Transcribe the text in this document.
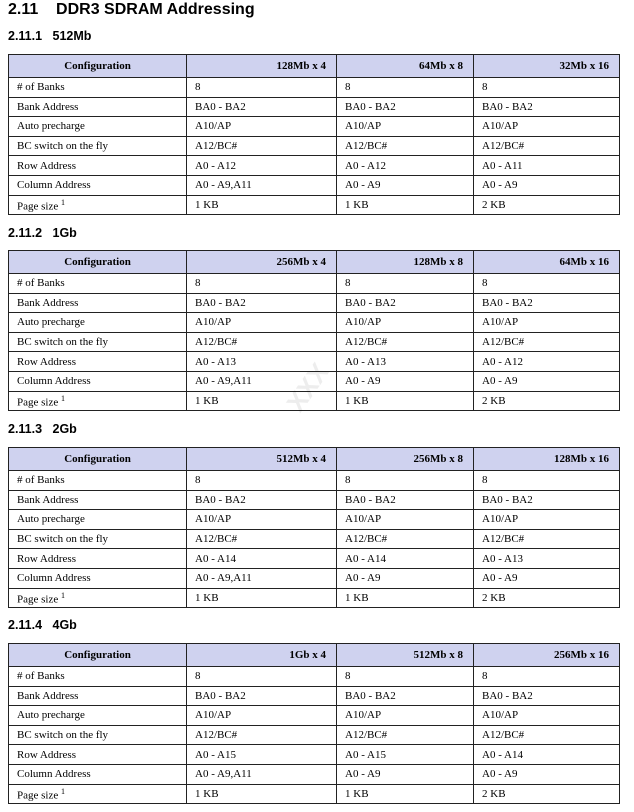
2.11 DDR3 SDRAM Addressing
2.11.1 512Mb
Configuration	128Mb x 4	64Mb x 8	32Mb x 16
# of Banks	8	8	8
Bank Address	BA0 - BA2	BA0 - BA2	BA0 - BA2
Auto precharge	A10/AP	A10/AP	A10/AP
BC switch on the fly	A12/BC#	A12/BC#	A12/BC#
Row Address	A0 - A12	A0 - A12	A0 - A11
Column Address	A0 - A9,A11	A0 - A9	A0 - A9
Page size $^1$	1 KB	1 KB	2 KB
2.11.2 1Gb
Configuration	256Mb x 4	128Mb x 8	64Mb x 16
# of Banks	8	8	8
Bank Address	BA0 - BA2	BA0 - BA2	BA0 - BA2
Auto precharge	A10/AP	A10/AP	A10/AP
BC switch on the fly	A12/BC#	A12/BC#	A12/BC#
Row Address	A0 - A13	A0 - A13	A0 - A12
Column Address	A0 - A9,A11	A0 - A9	A0 - A9
Page size $^1$	1 KB	1 KB	2 KB
2.11.3 2Gb
Configuration	512Mb x 4	256Mb x 8	128Mb x 16
# of Banks	8	8	8
Bank Address	BA0 - BA2	BA0 - BA2	BA0 - BA2
Auto precharge	A10/AP	A10/AP	A10/AP
BC switch on the fly	A12/BC#	A12/BC#	A12/BC#
Row Address	A0 - A14	A0 - A14	A0 - A13
Column Address	A0 - A9,A11	A0 - A9	A0 - A9
Page size $^1$	1 KB	1 KB	2 KB
2.11.4 4Gb
Configuration	1Gb x 4	512Mb x 8	256Mb x 16
# of Banks	8	8	8
Bank Address	BA0 - BA2	BA0 - BA2	BA0 - BA2
Auto precharge	A10/AP	A10/AP	A10/AP
BC switch on the fly	A12/BC#	A12/BC#	A12/BC#
Row Address	A0 - A15	A0 - A15	A0 - A14
Column Address	A0 - A9,A11	A0 - A9	A0 - A9
Page size $^1$	1 KB	1 KB	2 KB
XXX
